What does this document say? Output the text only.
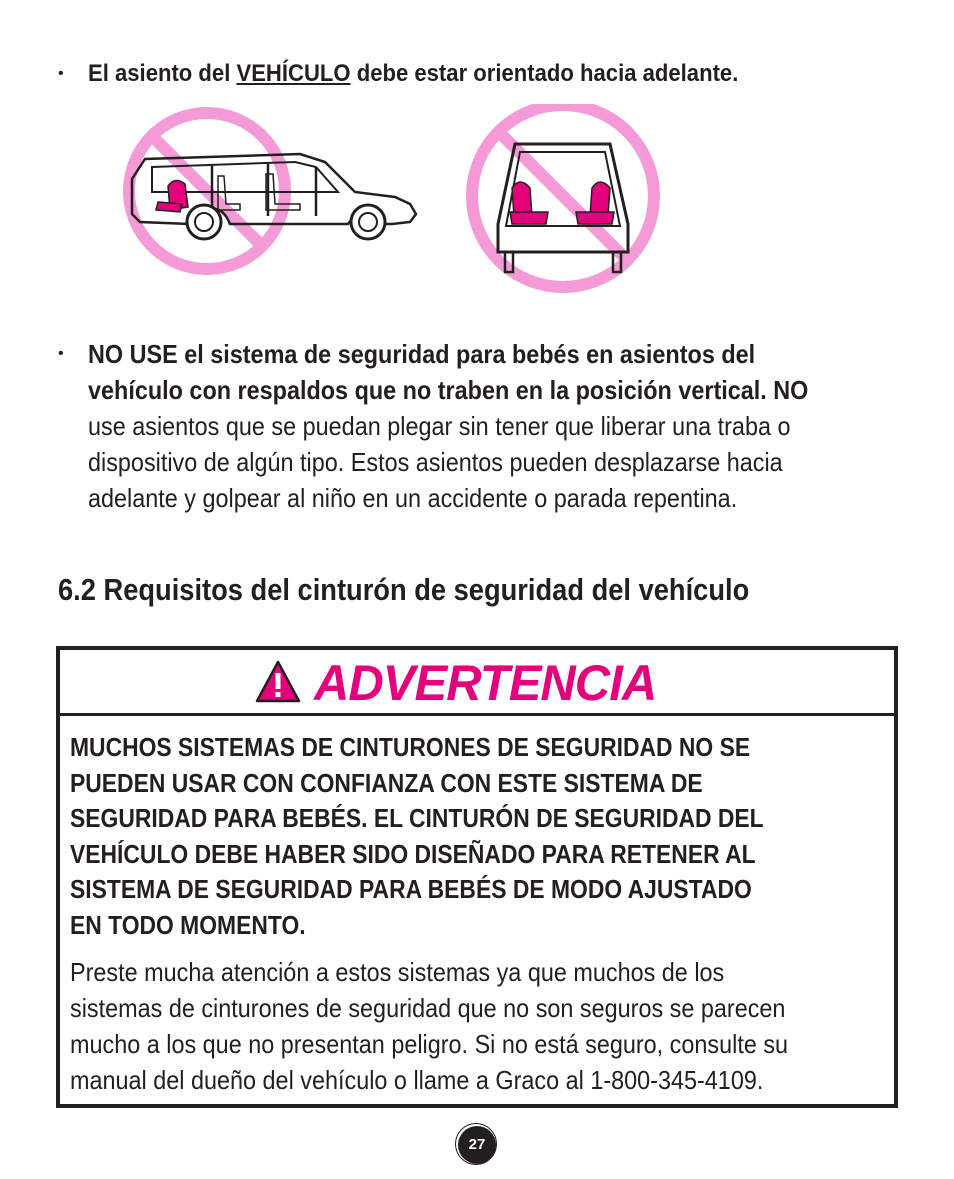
• El asiento del VEHÍCULO debe estar orientado hacia adelante.
• NO USE el sistema de seguridad para bebés en asientos del
vehículo con respaldos que no traben en la posición vertical. NO
use asientos que se puedan plegar sin tener que liberar una traba o
dispositivo de algún tipo. Estos asientos pueden desplazarse hacia
adelante y golpear al niño en un accidente o parada repentina.
6.2 Requisitos del cinturón de seguridad del vehículo
ADVERTENCIA
MUCHOS SISTEMAS DE CINTURONES DE SEGURIDAD NO SE
PUEDEN USAR CON CONFIANZA CON ESTE SISTEMA DE
SEGURIDAD PARA BEBÉS. EL CINTURÓN DE SEGURIDAD DEL
VEHÍCULO DEBE HABER SIDO DISEÑADO PARA RETENER AL
SISTEMA DE SEGURIDAD PARA BEBÉS DE MODO AJUSTADO
EN TODO MOMENTO.
Preste mucha atención a estos sistemas ya que muchos de los
sistemas de cinturones de seguridad que no son seguros se parecen
mucho a los que no presentan peligro. Si no está seguro, consulte su
manual del dueño del vehículo o llame a Graco al 1-800-345-4109.
27
